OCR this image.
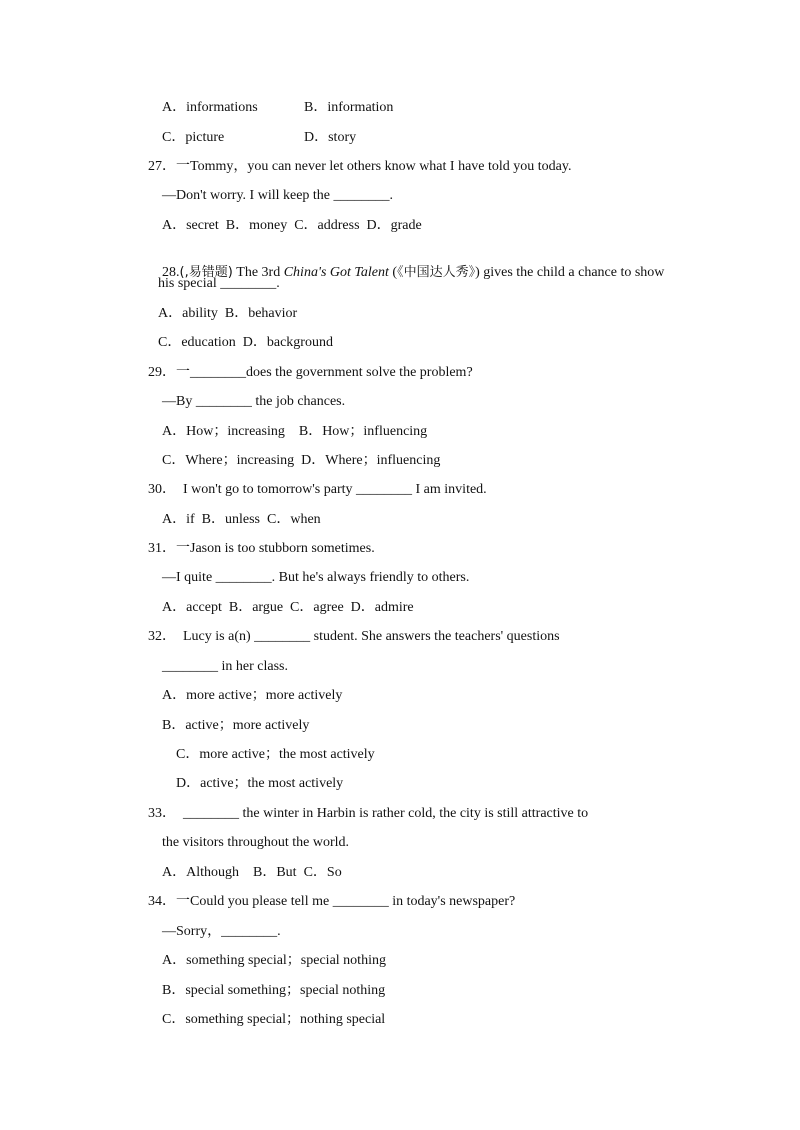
A．informations	B．information
C．picture	D．story
27．一Tommy，you can never let others know what I have told you today.
—Don't worry. I will keep the ________.
A．secret  B．money  C．address  D．grade

28.(,易错题) The 3rd China's Got Talent (《中国达人秀》) gives the child a chance to show

his special ________.
A．ability  B．behavior
C．education  D．background
29．一________does the government solve the problem?
—By ________ the job chances.
A．How；increasing    B．How；influencing
C．Where；increasing  D．Where；influencing
30．  I won't go to tomorrow's party ________ I am invited.
A．if  B．unless  C．when
31．一Jason is too stubborn sometimes.
—I quite ________. But he's always friendly to others.
A．accept  B．argue  C．agree  D．admire
32．  Lucy is a(n) ________ student. She answers the teachers' questions
________ in her class.
A．more active；more actively
B．active；more actively
C．more active；the most actively
D．active；the most actively
33．  ________ the winter in Harbin is rather cold, the city is still attractive to
the visitors throughout the world.
A．Although    B．But  C．So
34．一Could you please tell me ________ in today's newspaper?
—Sorry，________.
A．something special；special nothing
B．special something；special nothing
C．something special；nothing special
